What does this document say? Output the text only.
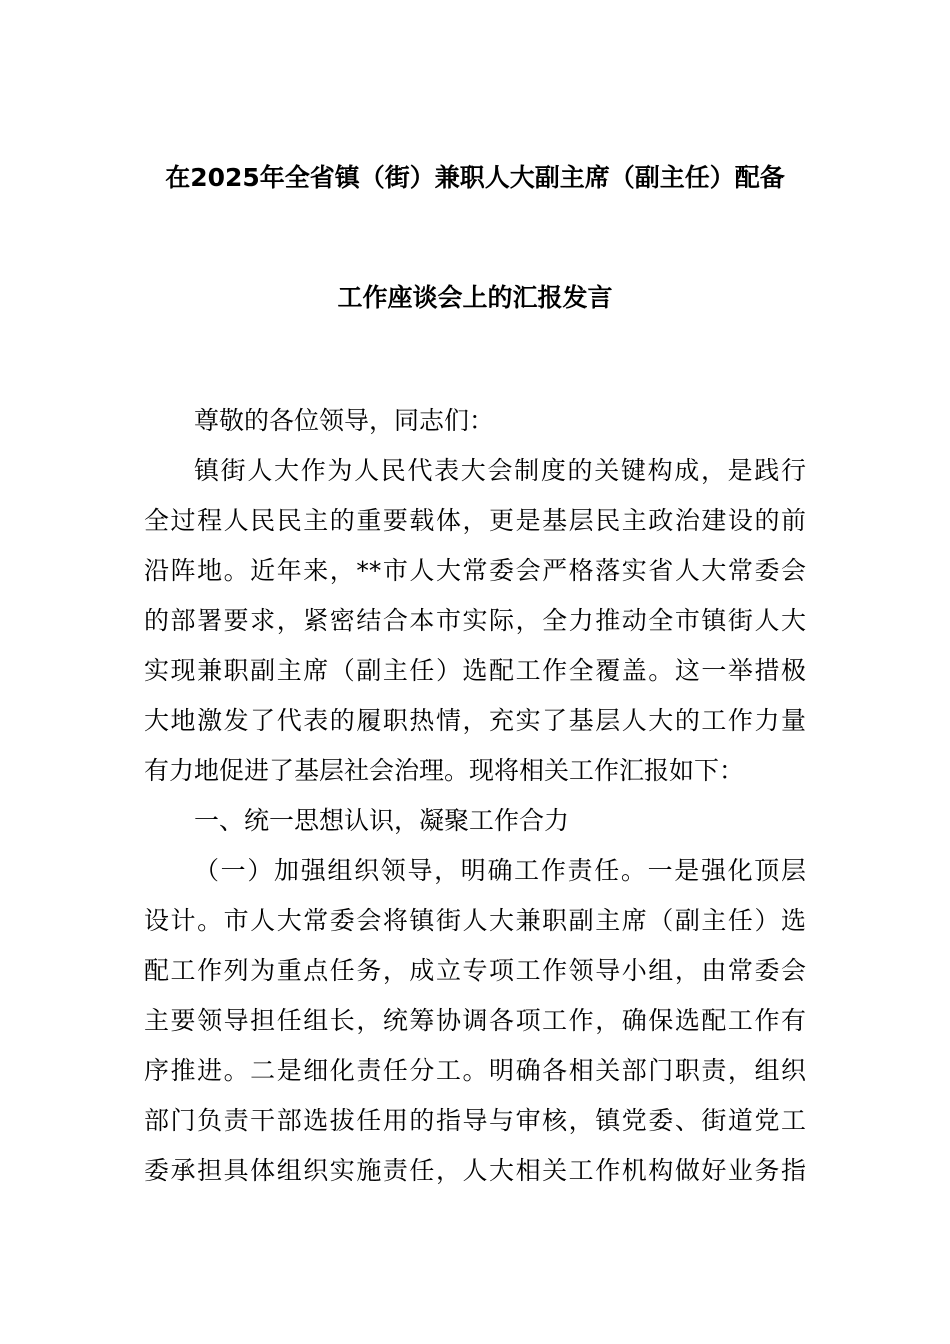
在2025年全省镇（街）兼职人大副主席（副主任）配备
工作座谈会上的汇报发言
尊敬的各位领导，同志们：
镇街人大作为人民代表大会制度的关键构成，是践行
全过程人民民主的重要载体，更是基层民主政治建设的前
沿阵地。近年来，**市人大常委会严格落实省人大常委会
的部署要求，紧密结合本市实际，全力推动全市镇街人大
实现兼职副主席（副主任）选配工作全覆盖。这一举措极
大地激发了代表的履职热情，充实了基层人大的工作力量
有力地促进了基层社会治理。现将相关工作汇报如下：
一、统一思想认识，凝聚工作合力
（一）加强组织领导，明确工作责任。一是强化顶层
设计。市人大常委会将镇街人大兼职副主席（副主任）选
配工作列为重点任务，成立专项工作领导小组，由常委会
主要领导担任组长，统筹协调各项工作，确保选配工作有
序推进。二是细化责任分工。明确各相关部门职责，组织
部门负责干部选拔任用的指导与审核，镇党委、街道党工
委承担具体组织实施责任，人大相关工作机构做好业务指
